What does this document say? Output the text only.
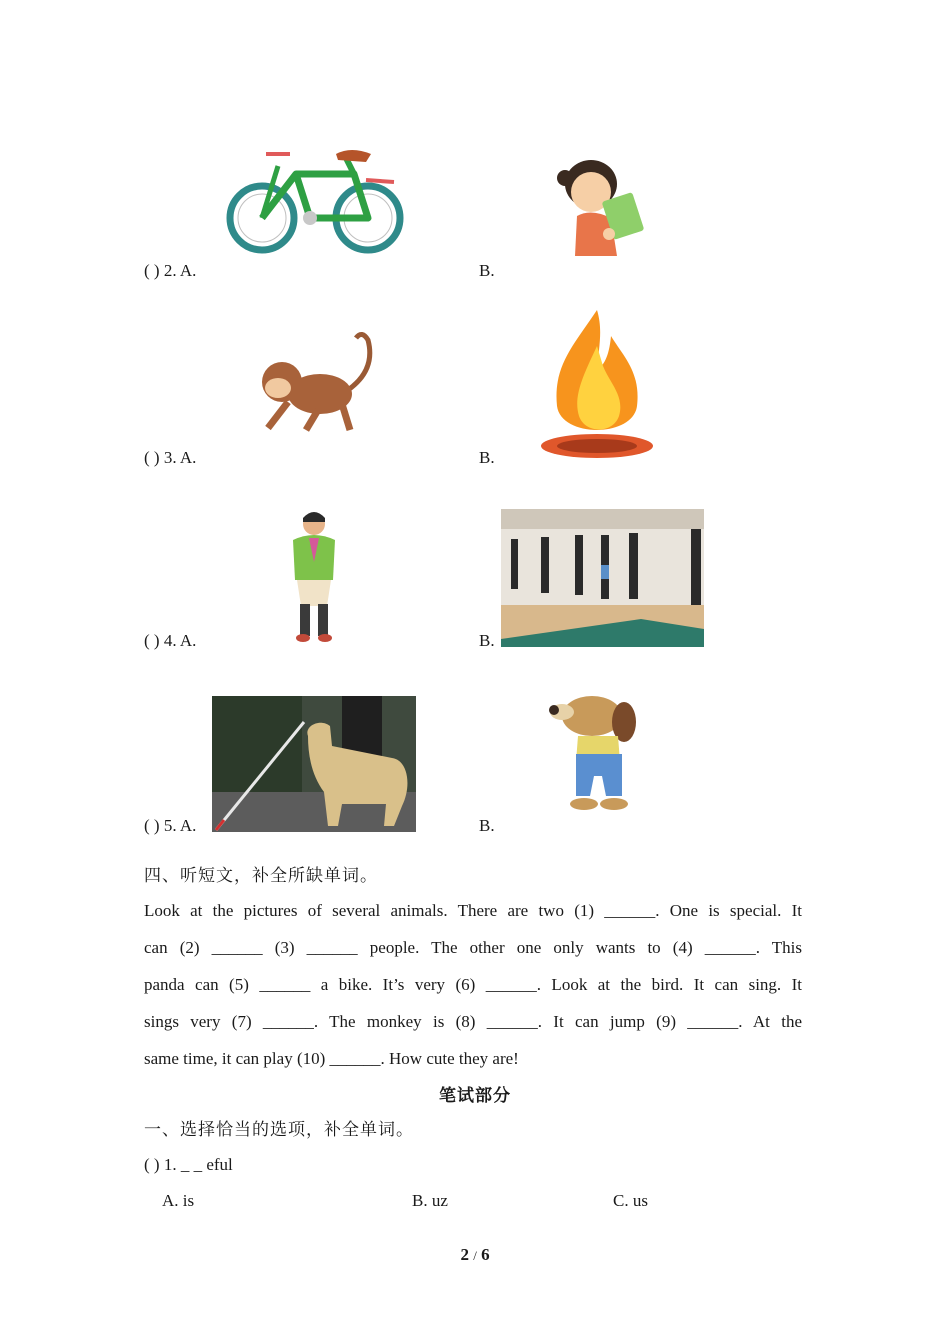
( ) 2. A.	B.
( ) 3. A.	B.
( ) 4. A.	B.
( ) 5. A.	B.
四、听短文，补全所缺单词。
Look at the pictures of several animals. There are two (1) ______. One is special. It
can (2) ______ (3) ______ people. The other one only wants to (4) ______. This
panda can (5) ______ a bike. It’s very (6) ______. Look at the bird. It can sing. It
sings very (7) ______. The monkey is (8) ______. It can jump (9) ______. At the
same time, it can play (10) ______. How cute they are!
笔试部分
一、选择恰当的选项，补全单词。
( ) 1. _ _ eful
A. is	B. uz	C. us
2 / 6
